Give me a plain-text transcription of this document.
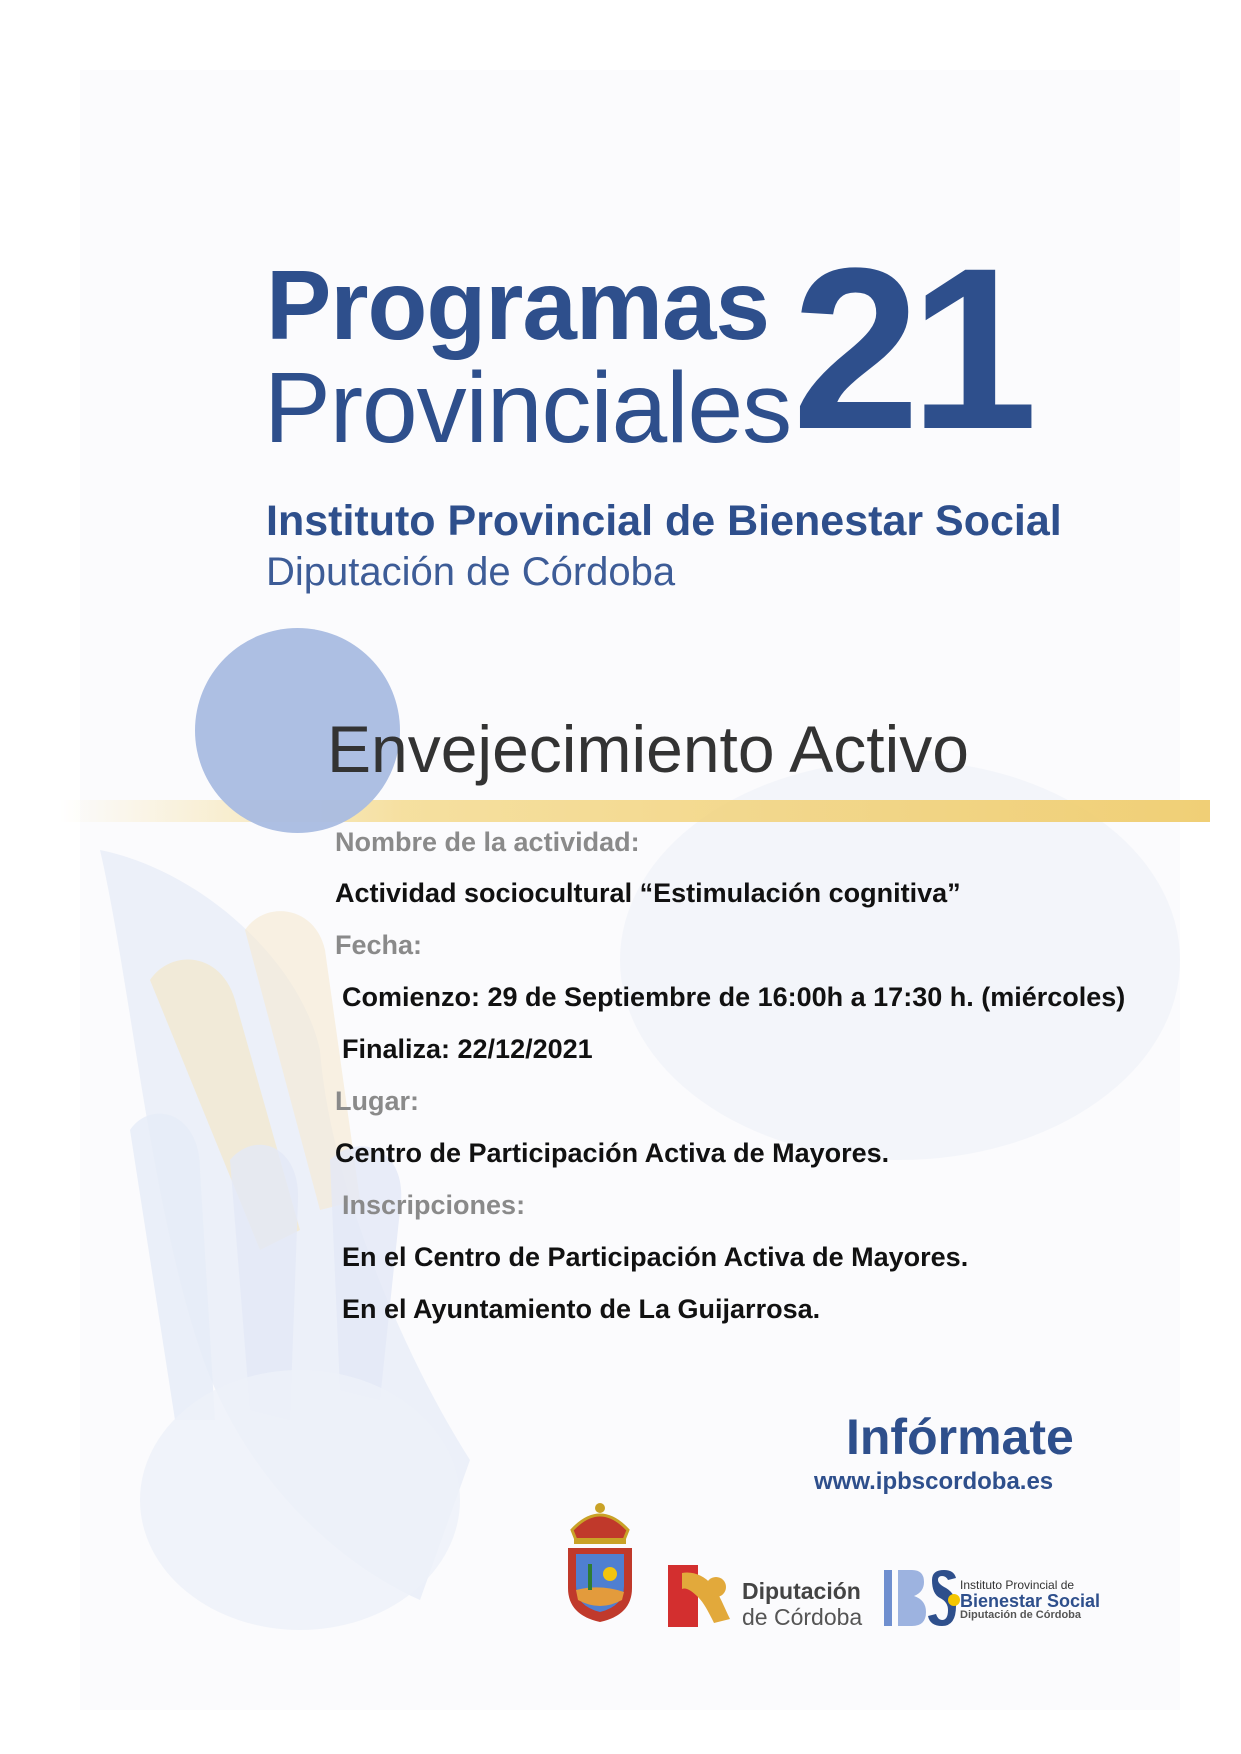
Programas
Provinciales 21
Instituto Provincial de Bienestar Social
Diputación de Córdoba
Envejecimiento Activo
Nombre de la actividad:
Actividad sociocultural “Estimulación cognitiva”
Fecha:
Comienzo: 29 de Septiembre de 16:00h a 17:30 h. (miércoles)
Finaliza: 22/12/2021
Lugar:
Centro de Participación Activa de Mayores.
Inscripciones:
En el Centro de Participación Activa de Mayores.
En el Ayuntamiento de La Guijarrosa.
Infórmate
www.ipbscordoba.es
Diputación
de Córdoba
Instituto Provincial de
Bienestar Social
Diputación de Córdoba
